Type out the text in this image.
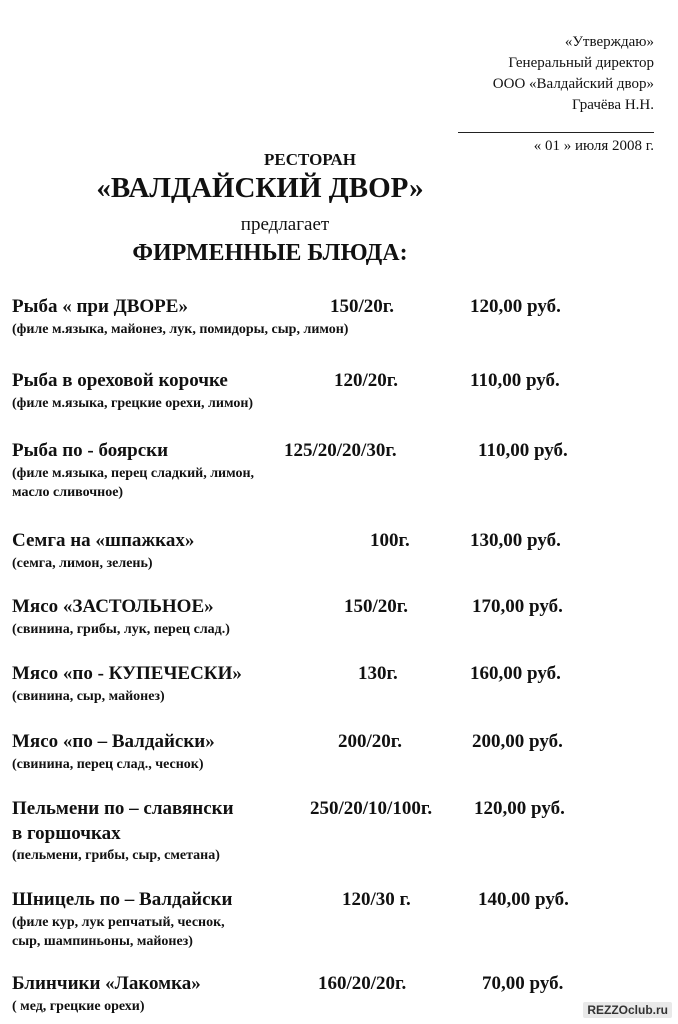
«Утверждаю»
Генеральный директор
ООО «Валдайский двор»
Грачёва Н.Н.
« 01 » июля 2008 г.
РЕСТОРАН
«ВАЛДАЙСКИЙ ДВОР»
предлагает
ФИРМЕННЫЕ БЛЮДА:
Рыба « при ДВОРЕ»	150/20г.	120,00 руб.
(филе м.языка, майонез, лук, помидоры, сыр, лимон)
Рыба в ореховой корочке	120/20г.	110,00 руб.
(филе м.языка, грецкие орехи, лимон)
Рыба по - боярски	125/20/20/30г.	110,00 руб.
(филе м.языка, перец сладкий, лимон,
масло сливочное)
Семга на «шпажках»	100г.	130,00 руб.
(семга, лимон, зелень)
Мясо «ЗАСТОЛЬНОЕ»	150/20г.	170,00 руб.
(свинина, грибы, лук, перец слад.)
Мясо «по - КУПЕЧЕСКИ»	130г.	160,00 руб.
(свинина, сыр, майонез)
Мясо «по – Валдайски»	200/20г.	200,00 руб.
(свинина, перец слад., чеснок)
Пельмени по – славянски	250/20/10/100г. 120,00 руб.
в горшочках
(пельмени, грибы, сыр, сметана)
Шницель по – Валдайски	120/30 г.	140,00 руб.
(филе кур, лук репчатый, чеснок,
сыр, шампиньоны, майонез)
Блинчики «Лакомка»	160/20/20г.	70,00 руб.
( мед, грецкие орехи)	REZZOclub.ru
